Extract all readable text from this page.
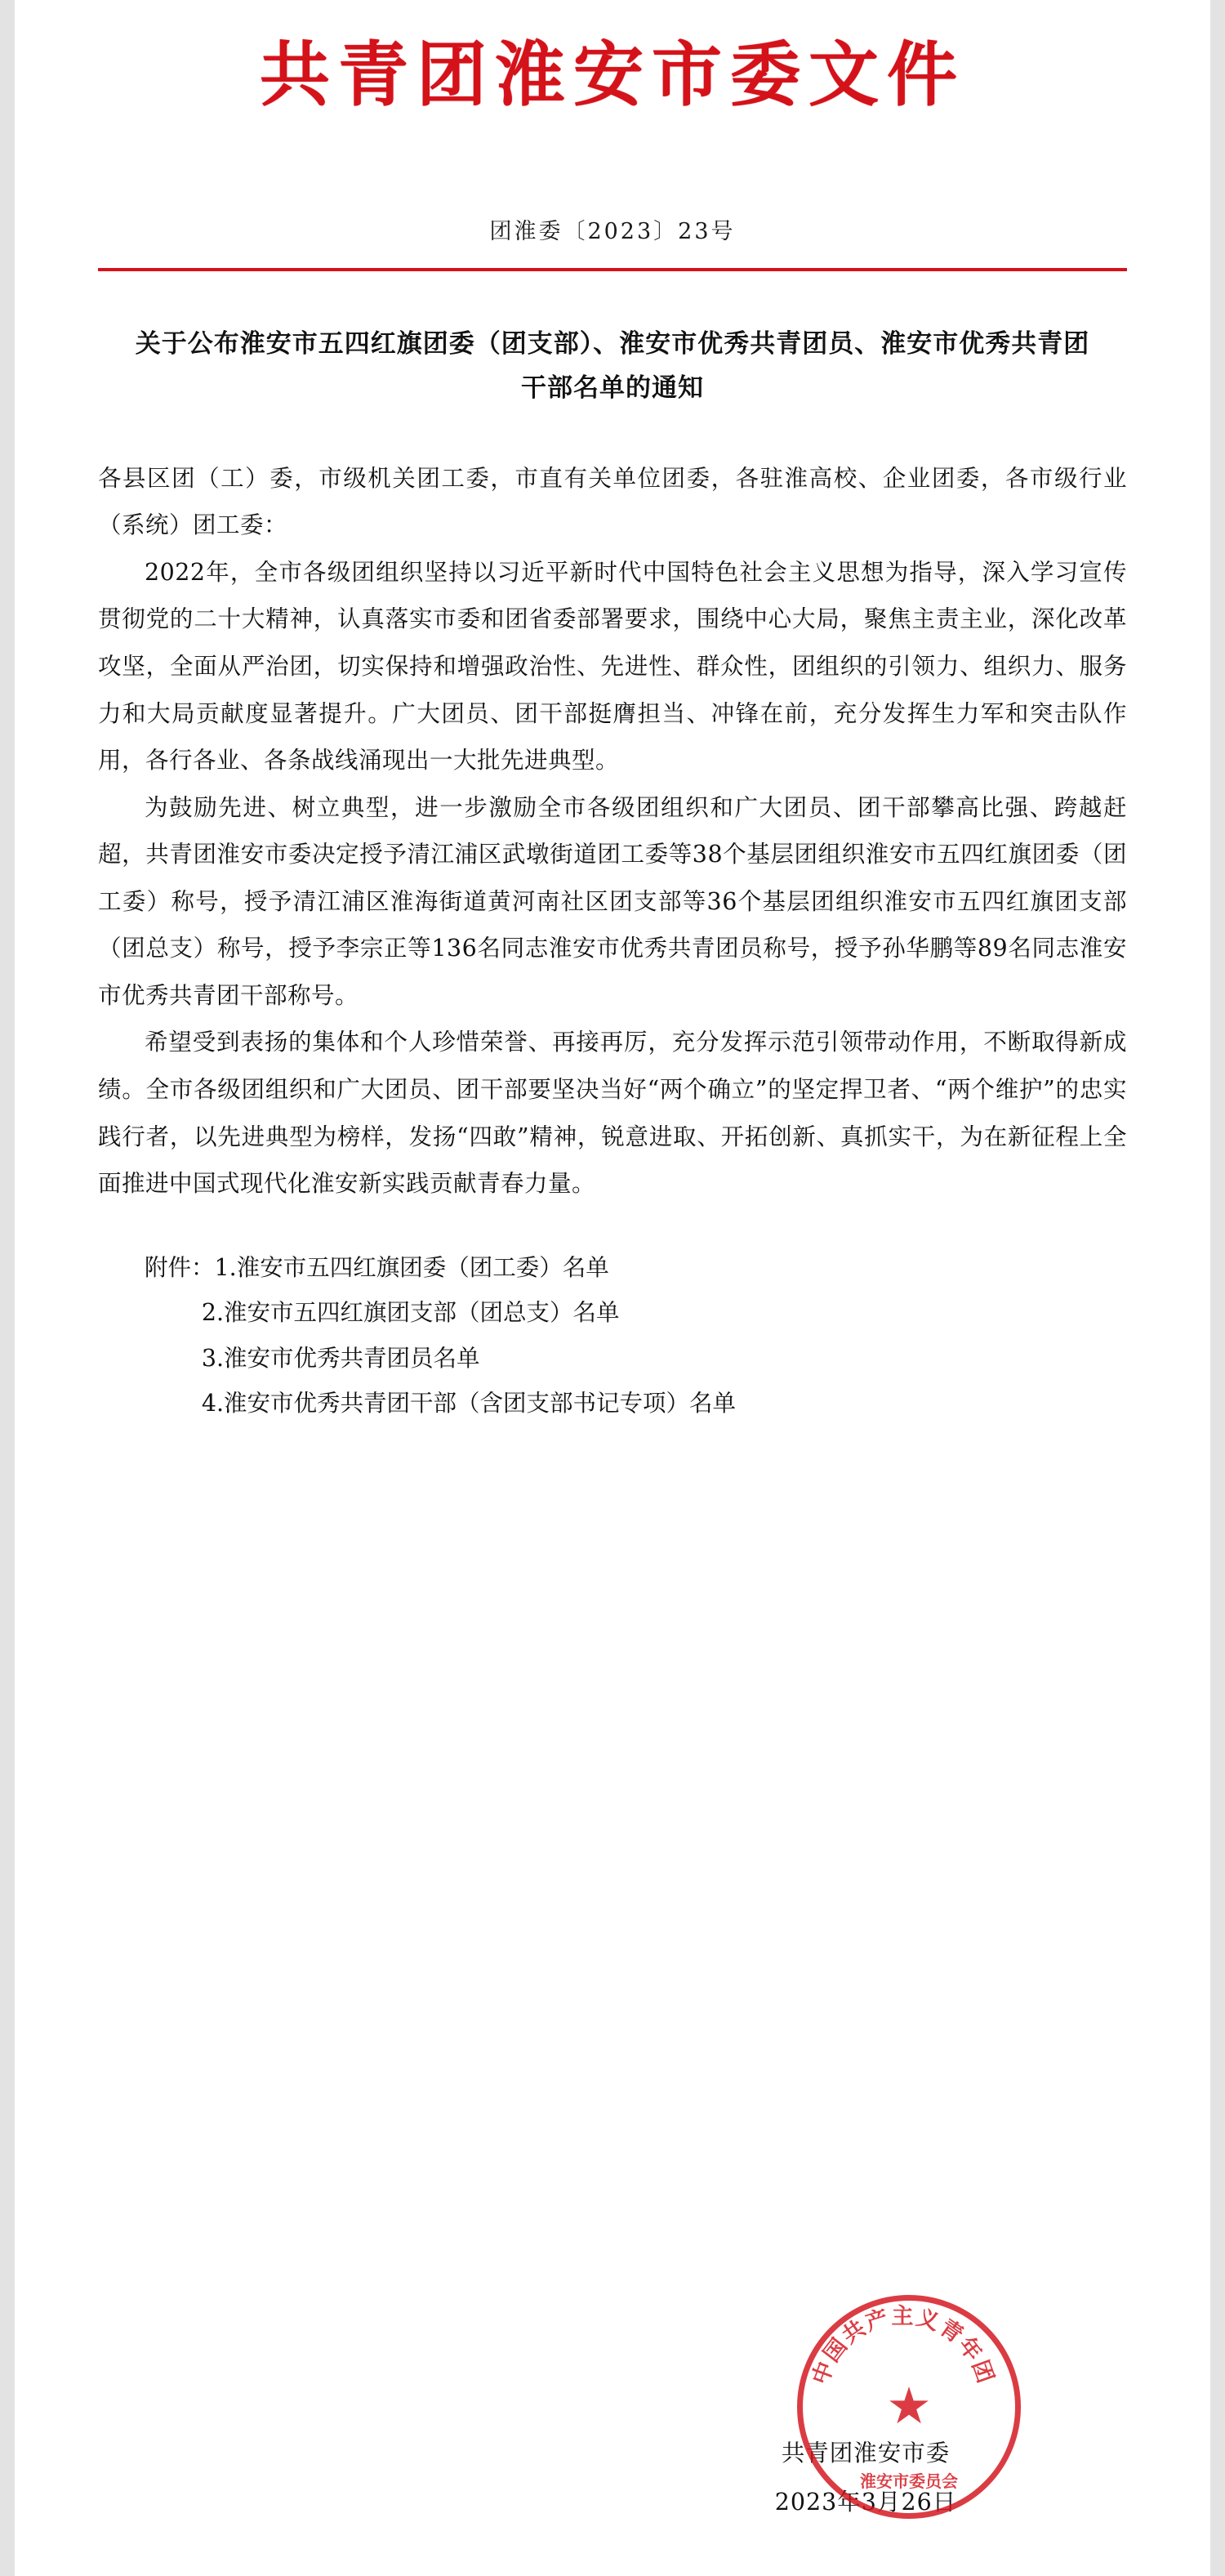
共青团淮安市委文件
团淮委〔2023〕23号
关于公布淮安市五四红旗团委（团支部）、淮安市优秀共青团员、淮安市优秀共青团干部名单的通知

各县区团（工）委，市级机关团工委，市直有关单位团委，各驻淮高校、企业团委，各市级行业（系统）团工委：

2022年，全市各级团组织坚持以习近平新时代中国特色社会主义思想为指导，深入学习宣传贯彻党的二十大精神，认真落实市委和团省委部署要求，围绕中心大局，聚焦主责主业，深化改革攻坚，全面从严治团，切实保持和增强政治性、先进性、群众性，团组织的引领力、组织力、服务力和大局贡献度显著提升。广大团员、团干部挺膺担当、冲锋在前，充分发挥生力军和突击队作用，各行各业、各条战线涌现出一大批先进典型。

为鼓励先进、树立典型，进一步激励全市各级团组织和广大团员、团干部攀高比强、跨越赶超，共青团淮安市委决定授予清江浦区武墩街道团工委等38个基层团组织淮安市五四红旗团委（团工委）称号，授予清江浦区淮海街道黄河南社区团支部等36个基层团组织淮安市五四红旗团支部（团总支）称号，授予李宗正等136名同志淮安市优秀共青团员称号，授予孙华鹏等89名同志淮安市优秀共青团干部称号。

希望受到表扬的集体和个人珍惜荣誉、再接再厉，充分发挥示范引领带动作用，不断取得新成绩。全市各级团组织和广大团员、团干部要坚决当好“两个确立”的坚定捍卫者、“两个维护”的忠实践行者，以先进典型为榜样，发扬“四敢”精神，锐意进取、开拓创新、真抓实干，为在新征程上全面推进中国式现代化淮安新实践贡献青春力量。

附件：1.淮安市五四红旗团委（团工委）名单
2.淮安市五四红旗团支部（团总支）名单
3.淮安市优秀共青团员名单
4.淮安市优秀共青团干部（含团支部书记专项）名单
共青团淮安市委
2023年3月26日
中国共产主义青年团
★
淮安市委员会
